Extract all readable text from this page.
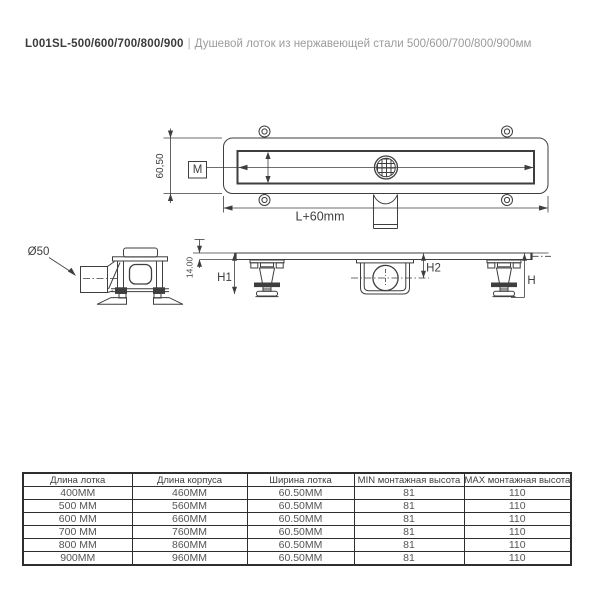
L001SL-500/600/700/800/900 | Душевой лоток из нержавеющей стали 500/600/700/800/900мм
M
60,50
L+60mm
14.00 H1
H2
H
Ø50
Длина лотка	Длина корпуса	Ширина лотка	MIN монтажная высота	MAX монтажная высота
400MM	460MM	60.50MM	81	110
500 MM	560MM	60.50MM	81	110
600 MM	660MM	60.50MM	81	110
700 MM	760MM	60.50MM	81	110
800 MM	860MM	60.50MM	81	110
900MM	960MM	60.50MM	81	110
